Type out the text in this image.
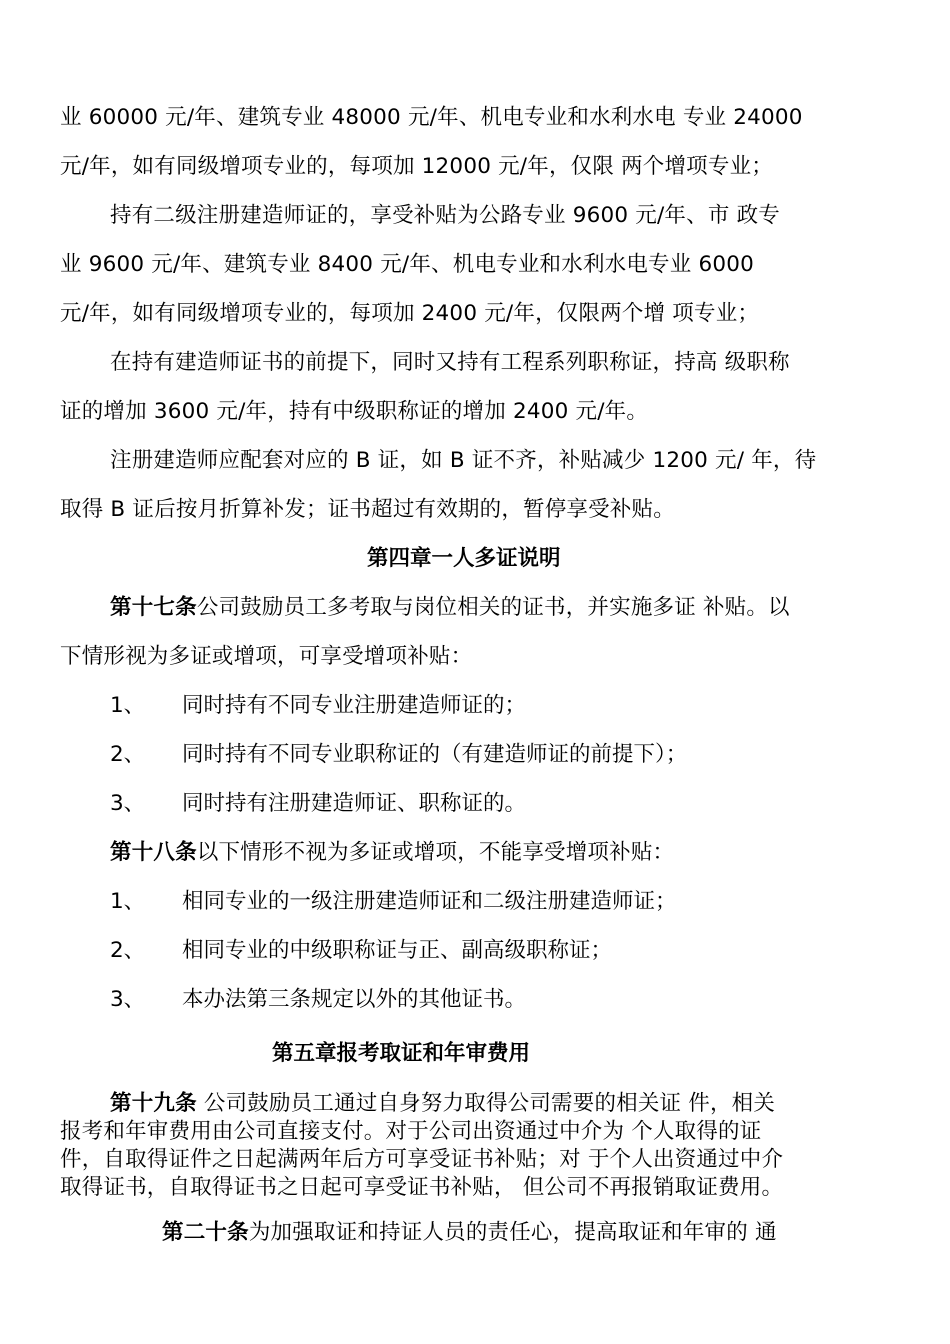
业 60000 元/年、建筑专业 48000 元/年、机电专业和水利水电 专业 24000
元/年，如有同级增项专业的，每项加 12000 元/年，仅限 两个增项专业；
持有二级注册建造师证的，享受补贴为公路专业 9600 元/年、市 政专
业 9600 元/年、建筑专业 8400 元/年、机电专业和水利水电专业 6000
元/年，如有同级增项专业的，每项加 2400 元/年，仅限两个增 项专业；
在持有建造师证书的前提下，同时又持有工程系列职称证，持高 级职称
证的增加 3600 元/年，持有中级职称证的增加 2400 元/年。
注册建造师应配套对应的 B 证，如 B 证不齐，补贴减少 1200 元/ 年，待
取得 B 证后按月折算补发；证书超过有效期的，暂停享受补贴。
第四章一人多证说明
第十七条公司鼓励员工多考取与岗位相关的证书，并实施多证 补贴。以
下情形视为多证或增项，可享受增项补贴：
1、 同时持有不同专业注册建造师证的；
2、 同时持有不同专业职称证的（有建造师证的前提下）；
3、 同时持有注册建造师证、职称证的。
第十八条以下情形不视为多证或增项，不能享受增项补贴：
1、 相同专业的一级注册建造师证和二级注册建造师证；
2、 相同专业的中级职称证与正、副高级职称证；
3、 本办法第三条规定以外的其他证书。
第五章报考取证和年审费用
第十九条 公司鼓励员工通过自身努力取得公司需要的相关证 件，相关
报考和年审费用由公司直接支付。对于公司出资通过中介为 个人取得的证
件，自取得证件之日起满两年后方可享受证书补贴；对 于个人出资通过中介
取得证书，自取得证书之日起可享受证书补贴， 但公司不再报销取证费用。
第二十条为加强取证和持证人员的责任心，提高取证和年审的 通
